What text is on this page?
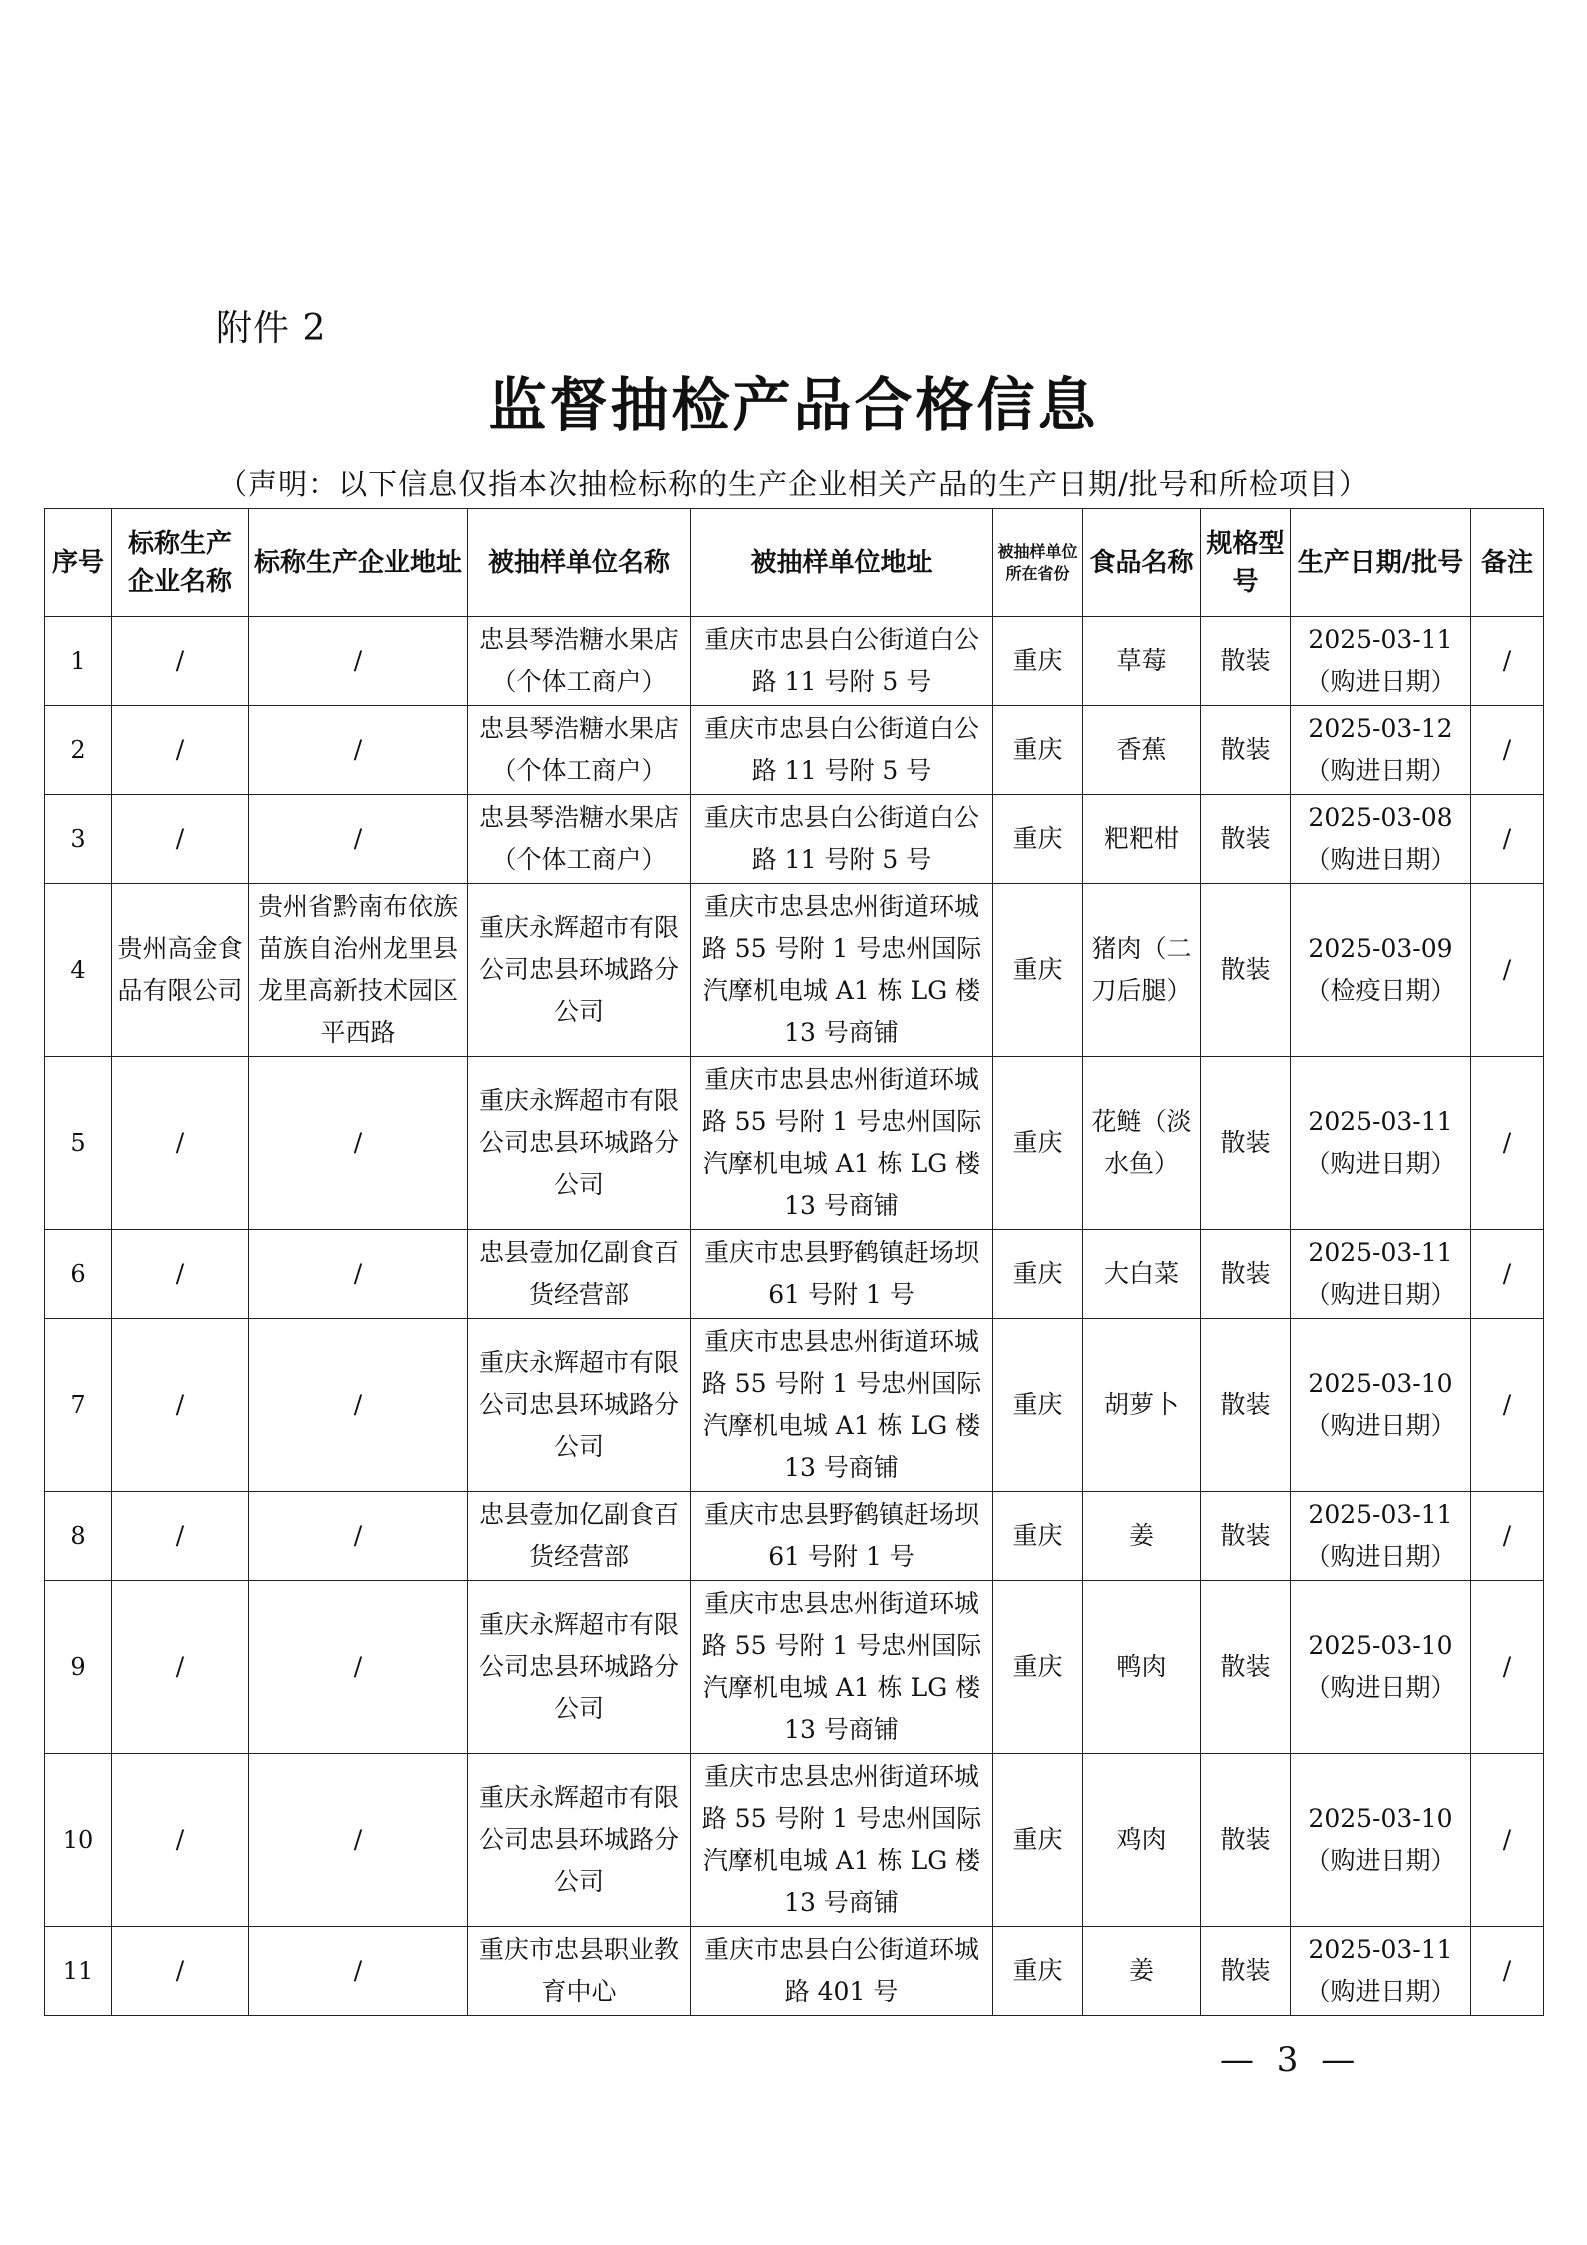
附件 2
监督抽检产品合格信息
（声明：以下信息仅指本次抽检标称的生产企业相关产品的生产日期/批号和所检项目）
序号	标称生产企业名称	标称生产企业地址	被抽样单位名称	被抽样单位地址	被抽样单位所在省份	食品名称	规格型号	生产日期/批号	备注
1	/	/	忠县琴浩糖水果店（个体工商户）	重庆市忠县白公街道白公路 11 号附 5 号	重庆	草莓	散装	2025-03-11（购进日期）	/
2	/	/	忠县琴浩糖水果店（个体工商户）	重庆市忠县白公街道白公路 11 号附 5 号	重庆	香蕉	散装	2025-03-12（购进日期）	/
3	/	/	忠县琴浩糖水果店（个体工商户）	重庆市忠县白公街道白公路 11 号附 5 号	重庆	粑粑柑	散装	2025-03-08（购进日期）	/
4	贵州高金食品有限公司	贵州省黔南布依族苗族自治州龙里县龙里高新技术园区平西路	重庆永辉超市有限公司忠县环城路分公司	重庆市忠县忠州街道环城路 55 号附 1 号忠州国际汽摩机电城 A1 栋 LG 楼 13 号商铺	重庆	猪肉（二刀后腿）	散装	2025-03-09（检疫日期）	/
5	/	/	重庆永辉超市有限公司忠县环城路分公司	重庆市忠县忠州街道环城路 55 号附 1 号忠州国际汽摩机电城 A1 栋 LG 楼 13 号商铺	重庆	花鲢（淡水鱼）	散装	2025-03-11（购进日期）	/
6	/	/	忠县壹加亿副食百货经营部	重庆市忠县野鹤镇赶场坝 61 号附 1 号	重庆	大白菜	散装	2025-03-11（购进日期）	/
7	/	/	重庆永辉超市有限公司忠县环城路分公司	重庆市忠县忠州街道环城路 55 号附 1 号忠州国际汽摩机电城 A1 栋 LG 楼 13 号商铺	重庆	胡萝卜	散装	2025-03-10（购进日期）	/
8	/	/	忠县壹加亿副食百货经营部	重庆市忠县野鹤镇赶场坝 61 号附 1 号	重庆	姜	散装	2025-03-11（购进日期）	/
9	/	/	重庆永辉超市有限公司忠县环城路分公司	重庆市忠县忠州街道环城路 55 号附 1 号忠州国际汽摩机电城 A1 栋 LG 楼 13 号商铺	重庆	鸭肉	散装	2025-03-10（购进日期）	/
10	/	/	重庆永辉超市有限公司忠县环城路分公司	重庆市忠县忠州街道环城路 55 号附 1 号忠州国际汽摩机电城 A1 栋 LG 楼 13 号商铺	重庆	鸡肉	散装	2025-03-10（购进日期）	/
11	/	/	重庆市忠县职业教育中心	重庆市忠县白公街道环城路 401 号	重庆	姜	散装	2025-03-11（购进日期）	/
— 3 —
